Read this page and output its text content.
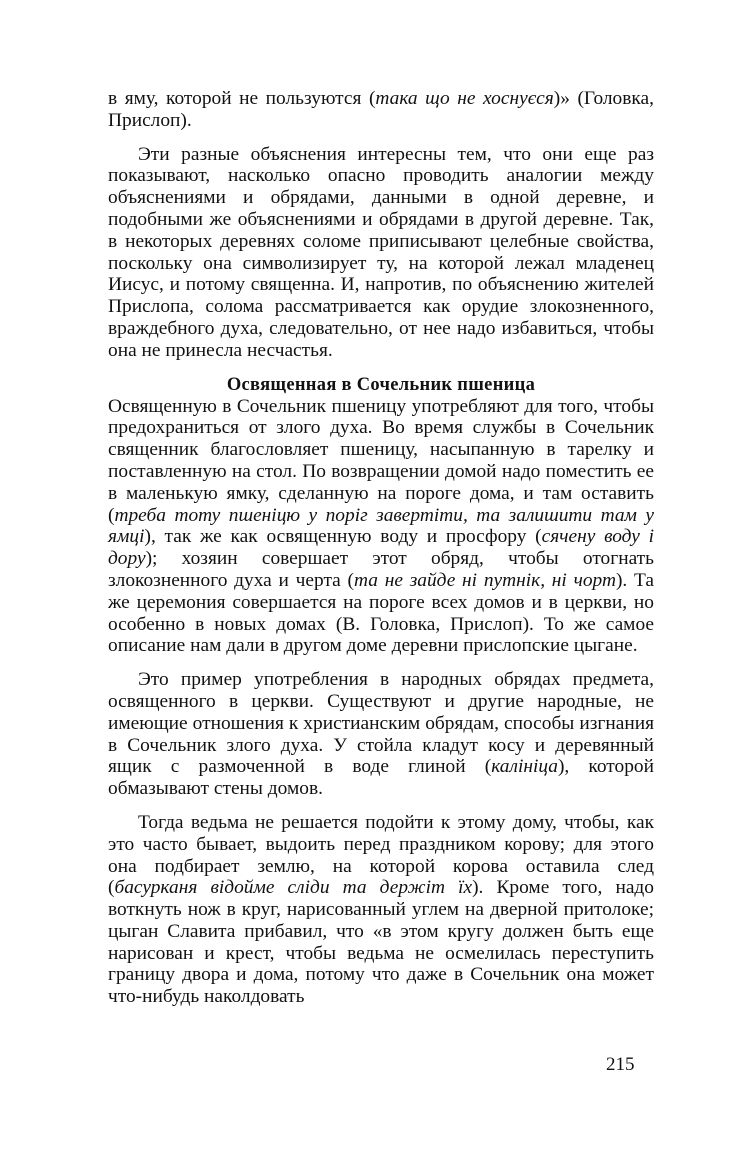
в яму, которой не пользуются (така що не хоснуєся)» (Головка, Прислоп).

Эти разные объяснения интересны тем, что они еще раз показывают, насколько опасно проводить аналогии между объяснениями и обрядами, данными в одной деревне, и подобными же объяснениями и обрядами в другой деревне. Так, в некоторых деревнях соломе приписывают целебные свойства, поскольку она символизирует ту, на которой лежал младенец Иисус, и потому священна. И, напротив, по объяснению жителей Прислопа, солома рассматривается как орудие злокозненного, враждебного духа, следовательно, от нее надо избавиться, чтобы она не принесла несчастья.

Освященная в Сочельник пшеница

Освященную в Сочельник пшеницу употребляют для того, чтобы предохраниться от злого духа. Во время службы в Сочельник священник благословляет пшеницу, насыпанную в тарелку и поставленную на стол. По возвращении домой надо поместить ее в маленькую ямку, сделанную на пороге дома, и там оставить (треба тоту пшеніцю у поріг завертіти, та залишити там у ямці), так же как освященную воду и просфору (сячену воду і дору); хозяин совершает этот обряд, чтобы отогнать злокозненного духа и черта (та не зайде ні путнік, ні чорт). Та же церемония совершается на пороге всех домов и в церкви, но особенно в новых домах (В. Головка, Прислоп). То же самое описание нам дали в другом доме деревни прислопские цыгане.

Это пример употребления в народных обрядах предмета, освященного в церкви. Существуют и другие народные, не имеющие отношения к христианским обрядам, способы изгнания в Сочельник злого духа. У стойла кладут косу и деревянный ящик с размоченной в воде глиной (калініца), которой обмазывают стены домов.

Тогда ведьма не решается подойти к этому дому, чтобы, как это часто бывает, выдоить перед праздником корову; для этого она подбирает землю, на которой корова оставила след (басурканя відойме сліди та держіт їх). Кроме того, надо воткнуть нож в круг, нарисованный углем на дверной притолоке; цыган Славита прибавил, что «в этом кругу должен быть еще нарисован и крест, чтобы ведьма не осмелилась переступить границу двора и дома, потому что даже в Сочельник она может что-нибудь наколдовать

215
